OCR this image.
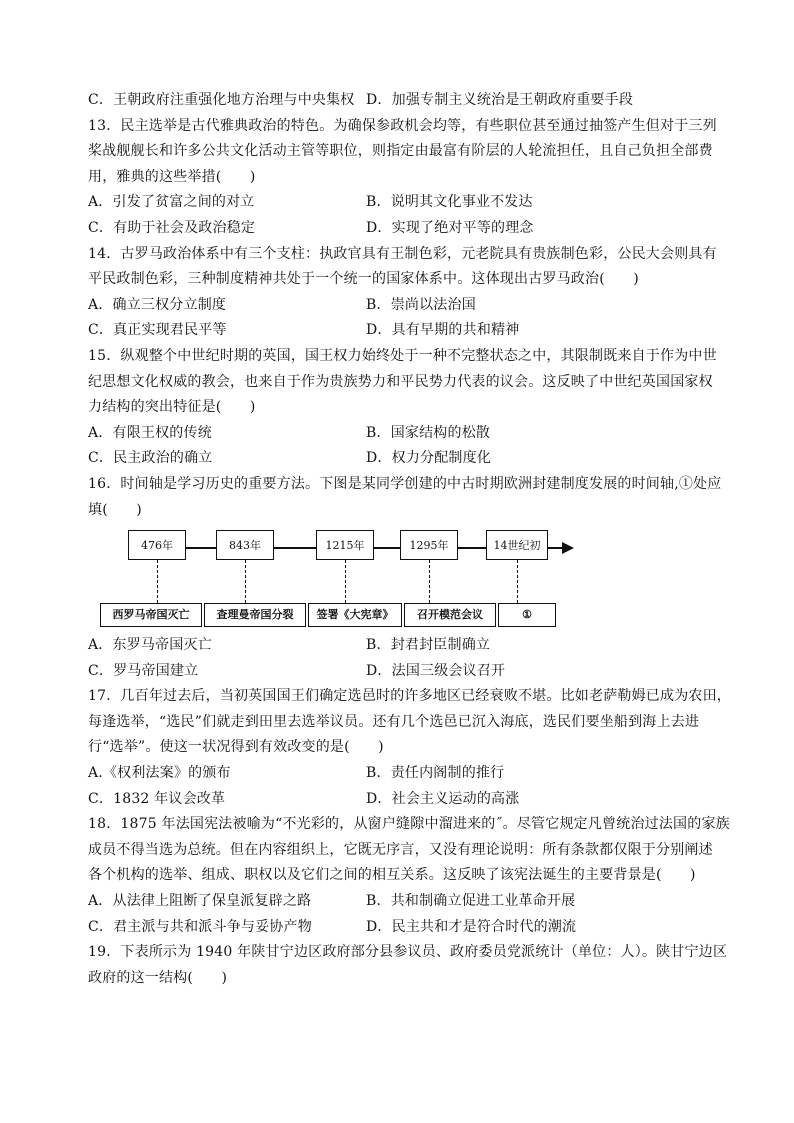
C．王朝政府注重强化地方治理与中央集权 D．加强专制主义统治是王朝政府重要手段
13．民主选举是古代雅典政治的特色。为确保参政机会均等，有些职位甚至通过抽签产生但对于三列
桨战舰舰长和许多公共文化活动主管等职位，则指定由最富有阶层的人轮流担任，且自己负担全部费
用，雅典的这些举措(　　)
A．引发了贫富之间的对立	B．说明其文化事业不发达
C．有助于社会及政治稳定	D．实现了绝对平等的理念
14．古罗马政治体系中有三个支柱：执政官具有王制色彩，元老院具有贵族制色彩，公民大会则具有
平民政制色彩，三种制度精神共处于一个统一的国家体系中。这体现出古罗马政治(　　)
A．确立三权分立制度	B．崇尚以法治国
C．真正实现君民平等	D．具有早期的共和精神
15．纵观整个中世纪时期的英国，国王权力始终处于一种不完整状态之中，其限制既来自于作为中世
纪思想文化权威的教会，也来自于作为贵族势力和平民势力代表的议会。这反映了中世纪英国国家权
力结构的突出特征是(　　)
A．有限王权的传统	B．国家结构的松散
C．民主政治的确立	D．权力分配制度化
16．时间轴是学习历史的重要方法。下图是某同学创建的中古时期欧洲封建制度发展的时间轴,①处应
填(　　)
476年
西罗马帝国灭亡
843年
查理曼帝国分裂
1215年
签署《大宪章》
1295年
召开模范会议
14世纪初
①
A．东罗马帝国灭亡	B．封君封臣制确立
C．罗马帝国建立	D．法国三级会议召开
17．几百年过去后，当初英国国王们确定选邑时的许多地区已经衰败不堪。比如老萨勒姆已成为农田，
每逢选举，“选民”们就走到田里去选举议员。还有几个选邑已沉入海底，选民们要坐船到海上去进
行“选举”。使这一状况得到有效改变的是(　　)
A.《权利法案》的颁布	B．责任内阁制的推行
C．1832 年议会改革	D．社会主义运动的高涨
18．1875 年法国宪法被喻为“不光彩的，从窗户缝隙中溜进来的˝。尽管它规定凡曾统治过法国的家族
成员不得当选为总统。但在内容组织上，它既无序言，又没有理论说明：所有条款都仅限于分别阐述
各个机构的选举、组成、职权以及它们之间的相互关系。这反映了该宪法诞生的主要背景是(　　)
A．从法律上阻断了保皇派复辟之路	B．共和制确立促进工业革命开展
C．君主派与共和派斗争与妥协产物	D．民主共和才是符合时代的潮流
19．下表所示为 1940 年陕甘宁边区政府部分县参议员、政府委员党派统计（单位：人）。陕甘宁边区
政府的这一结构(　　)
